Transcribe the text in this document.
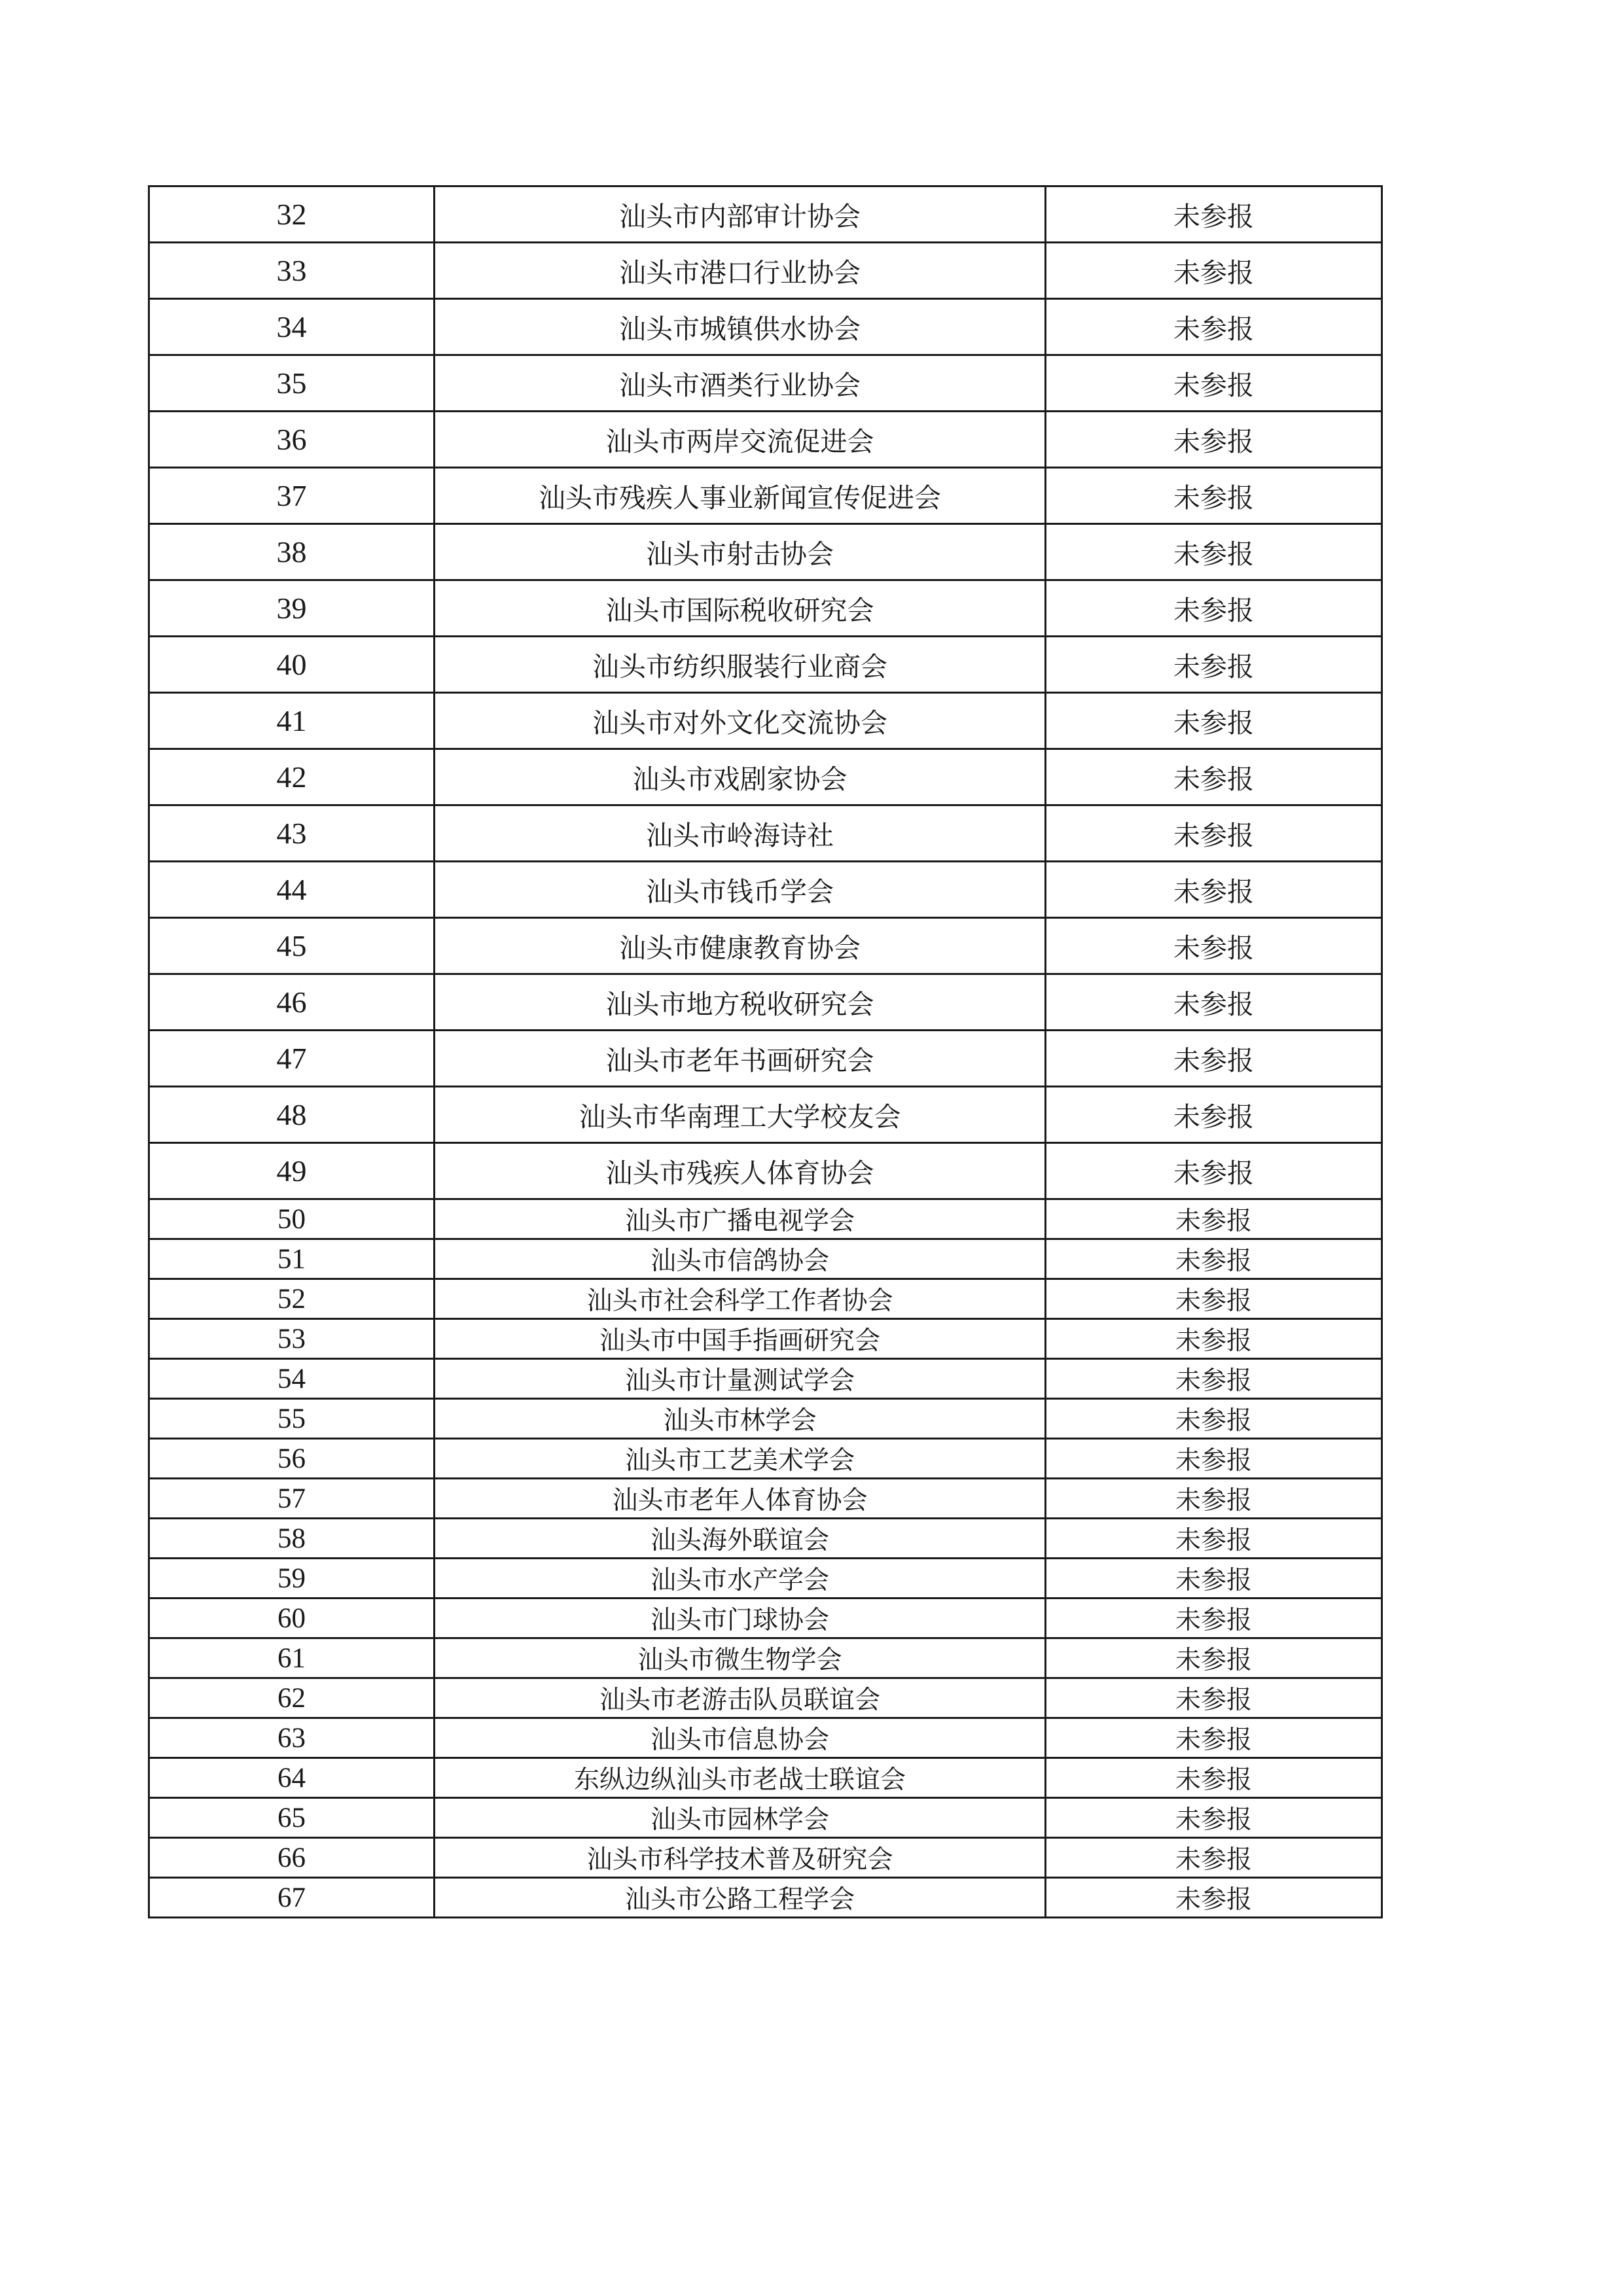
32	汕头市内部审计协会	未参报
33	汕头市港口行业协会	未参报
34	汕头市城镇供水协会	未参报
35	汕头市酒类行业协会	未参报
36	汕头市两岸交流促进会	未参报
37	汕头市残疾人事业新闻宣传促进会	未参报
38	汕头市射击协会	未参报
39	汕头市国际税收研究会	未参报
40	汕头市纺织服装行业商会	未参报
41	汕头市对外文化交流协会	未参报
42	汕头市戏剧家协会	未参报
43	汕头市岭海诗社	未参报
44	汕头市钱币学会	未参报
45	汕头市健康教育协会	未参报
46	汕头市地方税收研究会	未参报
47	汕头市老年书画研究会	未参报
48	汕头市华南理工大学校友会	未参报
49	汕头市残疾人体育协会	未参报
50	汕头市广播电视学会	未参报
51	汕头市信鸽协会	未参报
52	汕头市社会科学工作者协会	未参报
53	汕头市中国手指画研究会	未参报
54	汕头市计量测试学会	未参报
55	汕头市林学会	未参报
56	汕头市工艺美术学会	未参报
57	汕头市老年人体育协会	未参报
58	汕头海外联谊会	未参报
59	汕头市水产学会	未参报
60	汕头市门球协会	未参报
61	汕头市微生物学会	未参报
62	汕头市老游击队员联谊会	未参报
63	汕头市信息协会	未参报
64	东纵边纵汕头市老战士联谊会	未参报
65	汕头市园林学会	未参报
66	汕头市科学技术普及研究会	未参报
67	汕头市公路工程学会	未参报
